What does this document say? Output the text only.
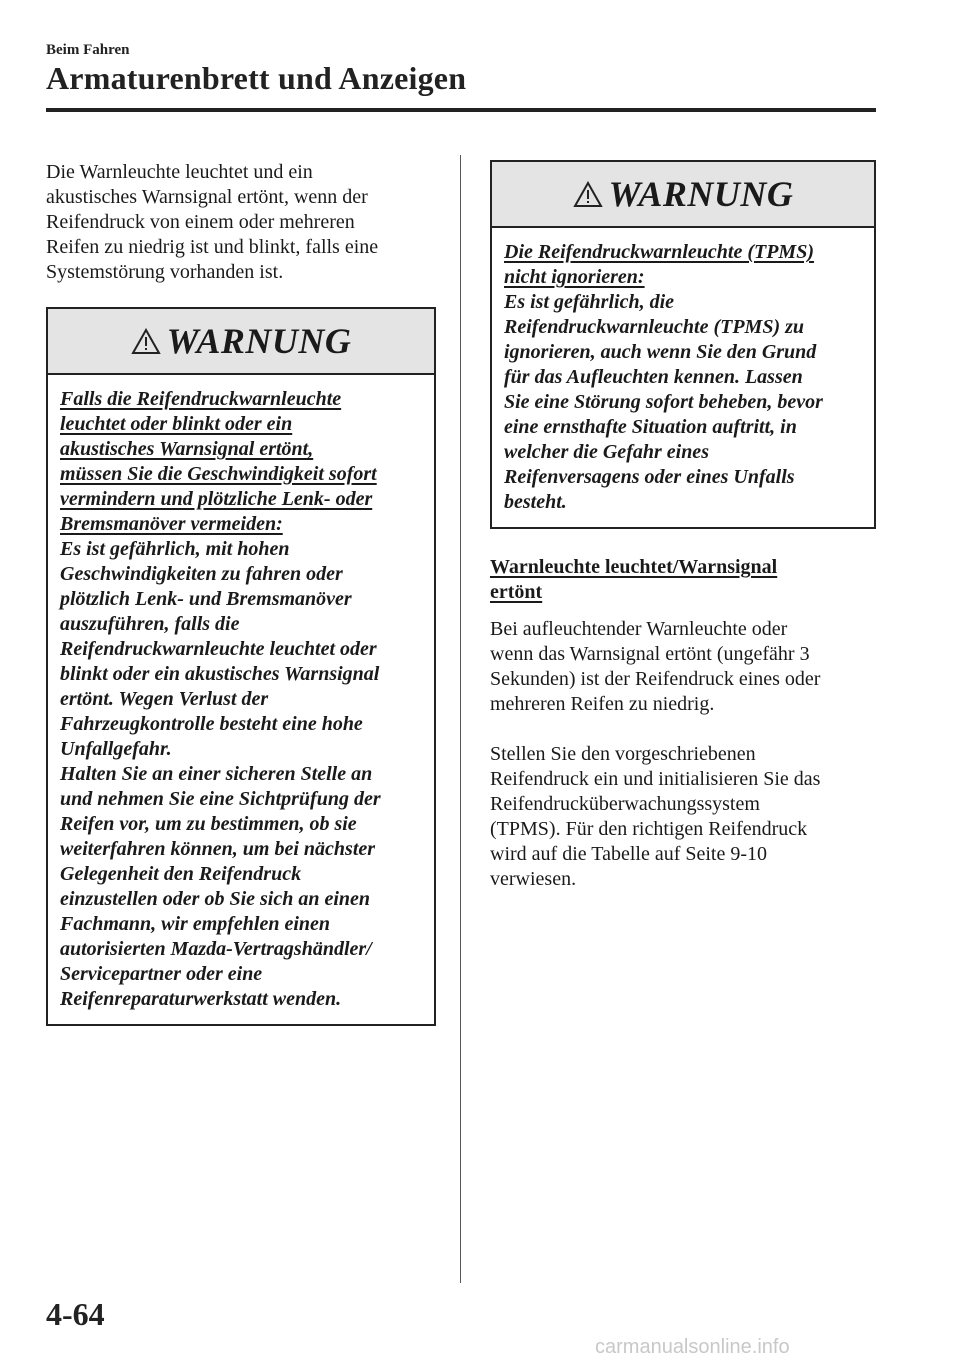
Beim Fahren
Armaturenbrett und Anzeigen

Die Warnleuchte leuchtet und ein
akustisches Warnsignal ertönt, wenn der
Reifendruck von einem oder mehreren
Reifen zu niedrig ist und blinkt, falls eine
Systemstörung vorhanden ist.

WARNUNG
Falls die Reifendruckwarnleuchte
leuchtet oder blinkt oder ein
akustisches Warnsignal ertönt,
müssen Sie die Geschwindigkeit sofort
vermindern und plötzliche Lenk- oder
Bremsmanöver vermeiden:
Es ist gefährlich, mit hohen
Geschwindigkeiten zu fahren oder
plötzlich Lenk- und Bremsmanöver
auszuführen, falls die
Reifendruckwarnleuchte leuchtet oder
blinkt oder ein akustisches Warnsignal
ertönt. Wegen Verlust der
Fahrzeugkontrolle besteht eine hohe
Unfallgefahr.
Halten Sie an einer sicheren Stelle an
und nehmen Sie eine Sichtprüfung der
Reifen vor, um zu bestimmen, ob sie
weiterfahren können, um bei nächster
Gelegenheit den Reifendruck
einzustellen oder ob Sie sich an einen
Fachmann, wir empfehlen einen
autorisierten Mazda-Vertragshändler/
Servicepartner oder eine
Reifenreparaturwerkstatt wenden.
WARNUNG
Die Reifendruckwarnleuchte (TPMS)
nicht ignorieren:
Es ist gefährlich, die
Reifendruckwarnleuchte (TPMS) zu
ignorieren, auch wenn Sie den Grund
für das Aufleuchten kennen. Lassen
Sie eine Störung sofort beheben, bevor
eine ernsthafte Situation auftritt, in
welcher die Gefahr eines
Reifenversagens oder eines Unfalls
besteht.

Warnleuchte leuchtet/Warnsignal
ertönt

Bei aufleuchtender Warnleuchte oder
wenn das Warnsignal ertönt (ungefähr 3
Sekunden) ist der Reifendruck eines oder
mehreren Reifen zu niedrig.

Stellen Sie den vorgeschriebenen
Reifendruck ein und initialisieren Sie das
Reifendrucküberwachungssystem
(TPMS). Für den richtigen Reifendruck
wird auf die Tabelle auf Seite 9-10
verwiesen.

4-64
carmanualsonline.info
